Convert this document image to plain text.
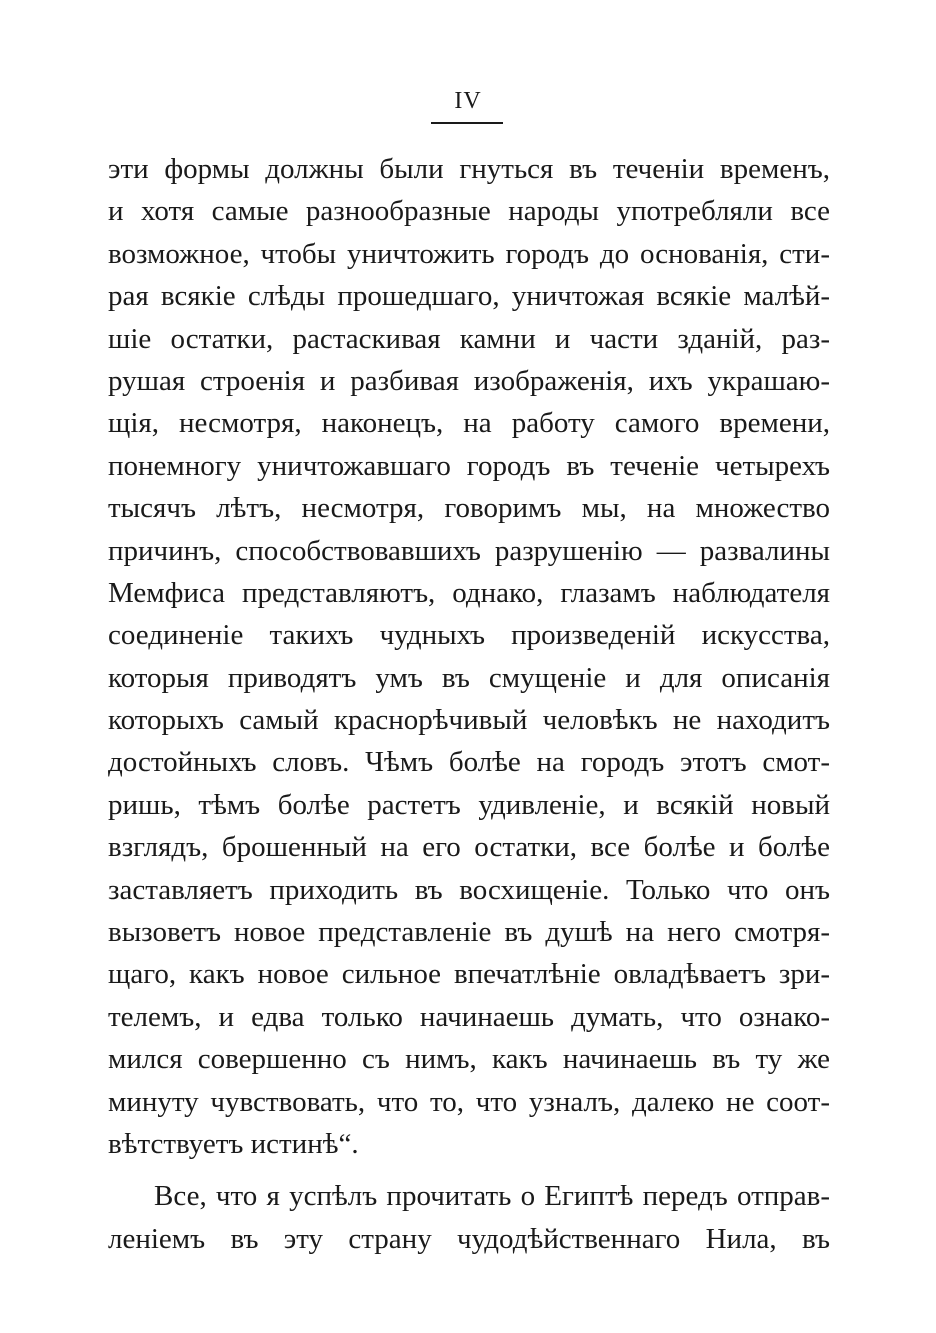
IV
эти формы должны были гнуться въ теченіи временъ,
и хотя самые разнообразные народы употребляли все
возможное, чтобы уничтожить городъ до основанія, сти-
рая всякіе слѣды прошедшаго, уничтожая всякіе малѣй-
шіе остатки, растаскивая камни и части зданій, раз-
рушая строенія и разбивая изображенія, ихъ украшаю-
щія, несмотря, наконецъ, на работу самого времени,
понемногу уничтожавшаго городъ въ теченіе четырехъ
тысячъ лѣтъ, несмотря, говоримъ мы, на множество
причинъ, способствовавшихъ разрушенію — развалины
Мемфиса представляютъ, однако, глазамъ наблюдателя
соединеніе такихъ чудныхъ произведеній искусства,
которыя приводятъ умъ въ смущеніе и для описанія
которыхъ самый краснорѣчивый человѣкъ не находитъ
достойныхъ словъ. Чѣмъ болѣе на городъ этотъ смот-
ришь, тѣмъ болѣе растетъ удивленіе, и всякій новый
взглядъ, брошенный на его остатки, все болѣе и болѣе
заставляетъ приходить въ восхищеніе. Только что онъ
вызоветъ новое представленіе въ душѣ на него смотря-
щаго, какъ новое сильное впечатлѣніе овладѣваетъ зри-
телемъ, и едва только начинаешь думать, что ознако-
мился совершенно съ нимъ, какъ начинаешь въ ту же
минуту чувствовать, что то, что узналъ, далеко не соот-
вѣтствуетъ истинѣ“.
Все, что я успѣлъ прочитать о Египтѣ передъ отправ-
леніемъ въ эту страну чудодѣйственнаго Нила, въ
